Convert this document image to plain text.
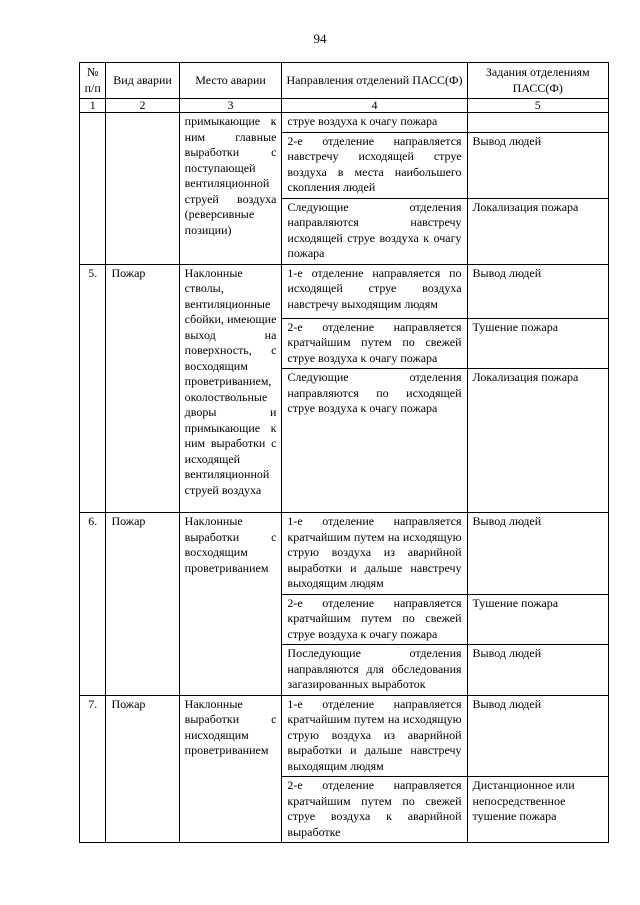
94
№ п/п	Вид аварии	Место аварии	Направления отделений ПАСС(Ф)	Задания отделениям ПАСС(Ф)
1	2	3	4	5
		примыкающие к ним главные выработки с поступающей вентиляционной струей воздуха (реверсивные позиции)	струе воздуха к очагу пожара	
			2-е отделение направляется навстречу исходящей струе воздуха в места наибольшего скопления людей	Вывод людей
			Следующие отделения направляются навстречу исходящей струе воздуха к очагу пожара	Локализация пожара
5.	Пожар	Наклонные стволы, вентиляционные сбойки, имеющие выход на поверхность, с восходящим проветриванием, околоствольные дворы и примыкающие к ним выработки с исходящей вентиляционной струей воздуха	1-е отделение направляется по исходящей струе воздуха навстречу выходящим людям	Вывод людей
			2-е отделение направляется кратчайшим путем по свежей струе воздуха к очагу пожара	Тушение пожара
			Следующие отделения направляются по исходящей струе воздуха к очагу пожара	Локализация пожара
6.	Пожар	Наклонные выработки с восходящим проветриванием	1-е отделение направляется кратчайшим путем на исходящую струю воздуха из аварийной выработки и дальше навстречу выходящим людям	Вывод людей
			2-е отделение направляется кратчайшим путем по свежей струе воздуха к очагу пожара	Тушение пожара
			Последующие отделения направляются для обследования загазированных выработок	Вывод людей
7.	Пожар	Наклонные выработки с нисходящим проветриванием	1-е отделение направляется кратчайшим путем на исходящую струю воздуха из аварийной выработки и дальше навстречу выходящим людям	Вывод людей
			2-е отделение направляется кратчайшим путем по свежей струе воздуха к аварийной выработке	Дистанционное или непосредственное тушение пожара
